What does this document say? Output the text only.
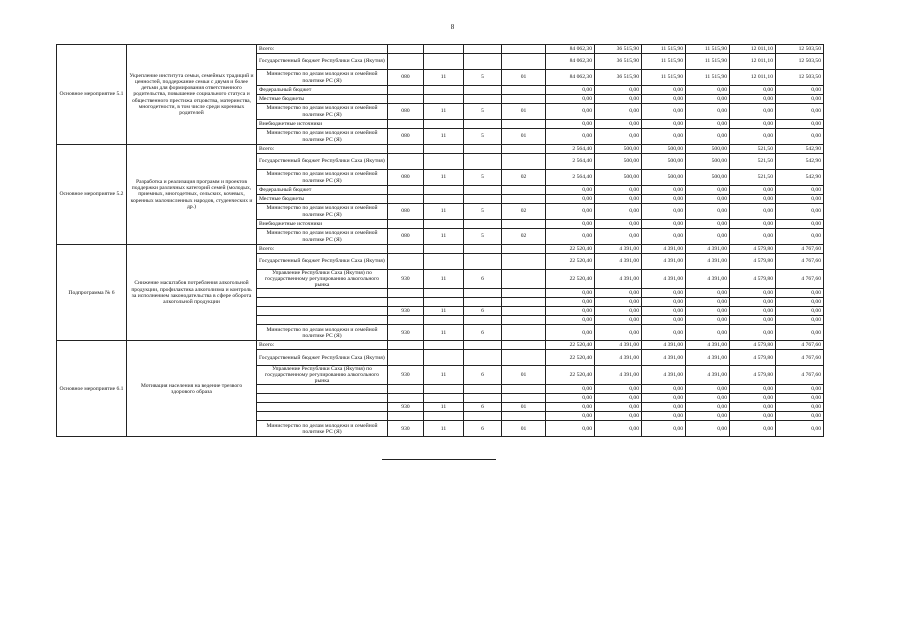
8
Основное мероприятие 5.1	Укрепление института семьи, семейных традиций и ценностей, поддержание семьи с двумя и более детьми для формирования ответственного родительства, повышение социального статуса и общественного престижа отцовства, материнства, многодетности, в том числе среди коренных родителей	Всего:					84 062,30	36 515,90	11 515,90	11 515,90	12 011,10	12 503,50
		Государственный бюджет Республики Саха (Якутия)					84 062,30	36 515,90	11 515,90	11 515,90	12 011,10	12 503,50
		Министерство по делам молодежи и семейной политике РС (Я)	080	11	5	01	84 062,30	36 515,90	11 515,90	11 515,90	12 011,10	12 503,50
		Федеральный бюджет					0,00	0,00	0,00	0,00	0,00	0,00
		Местные бюджеты					0,00	0,00	0,00	0,00	0,00	0,00
		Министерство по делам молодежи и семейной политике РС (Я)	080	11	5	01	0,00	0,00	0,00	0,00	0,00	0,00
		Внебюджетные источники					0,00	0,00	0,00	0,00	0,00	0,00
		Министерство по делам молодежи и семейной политике РС (Я)	080	11	5	01	0,00	0,00	0,00	0,00	0,00	0,00
Основное мероприятие 5.2	Разработка и реализация программ и проектов поддержки различных категорий семей (молодых, приемных, многодетных, сельских, кочевых, коренных малочисленных народов, студенческих и др.)	Всего:					2 564,40	500,00	500,00	500,00	521,50	542,90
		Государственный бюджет Республики Саха (Якутия)					2 564,40	500,00	500,00	500,00	521,50	542,90
		Министерство по делам молодежи и семейной политике РС (Я)	080	11	5	02	2 564,40	500,00	500,00	500,00	521,50	542,90
		Федеральный бюджет					0,00	0,00	0,00	0,00	0,00	0,00
		Местные бюджеты					0,00	0,00	0,00	0,00	0,00	0,00
		Министерство по делам молодежи и семейной политике РС (Я)	080	11	5	02	0,00	0,00	0,00	0,00	0,00	0,00
		Внебюджетные источники					0,00	0,00	0,00	0,00	0,00	0,00
		Министерство по делам молодежи и семейной политике РС (Я)	080	11	5	02	0,00	0,00	0,00	0,00	0,00	0,00
Подпрограмма № 6	Снижение масштабов потребления алкогольной продукции, профилактика алкоголизма и контроль за исполнением законодательства в сфере оборота алкогольной продукции	Всего:					22 520,40	4 391,00	4 391,00	4 391,00	4 579,80	4 767,60
		Государственный бюджет Республики Саха (Якутия)					22 520,40	4 391,00	4 391,00	4 391,00	4 579,80	4 767,60
		Управление Республики Саха (Якутия) по государственному регулированию алкогольного рынка	930	11	6		22 520,40	4 391,00	4 391,00	4 391,00	4 579,80	4 767,60
							0,00	0,00	0,00	0,00	0,00	0,00
							0,00	0,00	0,00	0,00	0,00	0,00
			930	11	6		0,00	0,00	0,00	0,00	0,00	0,00
							0,00	0,00	0,00	0,00	0,00	0,00
		Министерство по делам молодежи и семейной политике РС (Я)	930	11	6		0,00	0,00	0,00	0,00	0,00	0,00
Основное мероприятие 6.1	Мотивация населения на ведение трезвого здорового образа	Всего:					22 520,40	4 391,00	4 391,00	4 391,00	4 579,80	4 767,60
		Государственный бюджет Республики Саха (Якутия)					22 520,40	4 391,00	4 391,00	4 391,00	4 579,80	4 767,60
		Управление Республики Саха (Якутия) по государственному регулированию алкогольного рынка	930	11	6	01	22 520,40	4 391,00	4 391,00	4 391,00	4 579,80	4 767,60
							0,00	0,00	0,00	0,00	0,00	0,00
							0,00	0,00	0,00	0,00	0,00	0,00
			930	11	6	01	0,00	0,00	0,00	0,00	0,00	0,00
							0,00	0,00	0,00	0,00	0,00	0,00
		Министерство по делам молодежи и семейной политике РС (Я)	930	11	6	01	0,00	0,00	0,00	0,00	0,00	0,00
